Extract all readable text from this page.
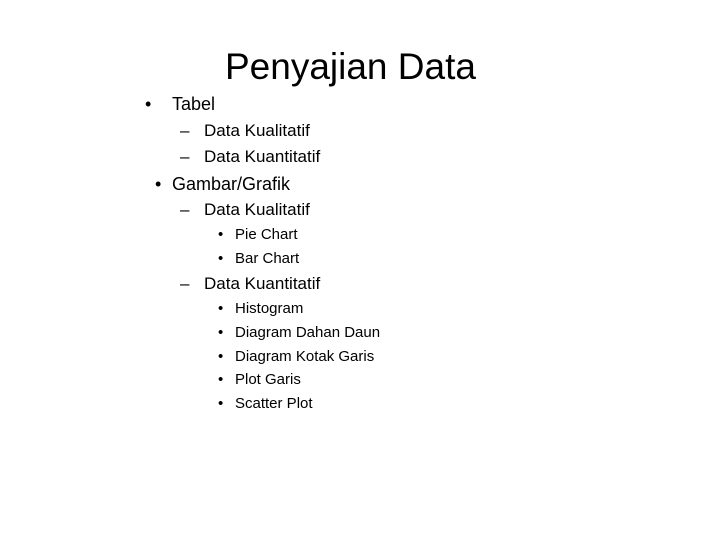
Penyajian Data
• Tabel
– Data Kualitatif
– Data Kuantitatif
• Gambar/Grafik
– Data Kualitatif
• Pie Chart
• Bar Chart
– Data Kuantitatif
• Histogram
• Diagram Dahan Daun
• Diagram Kotak Garis
• Plot Garis
• Scatter Plot
